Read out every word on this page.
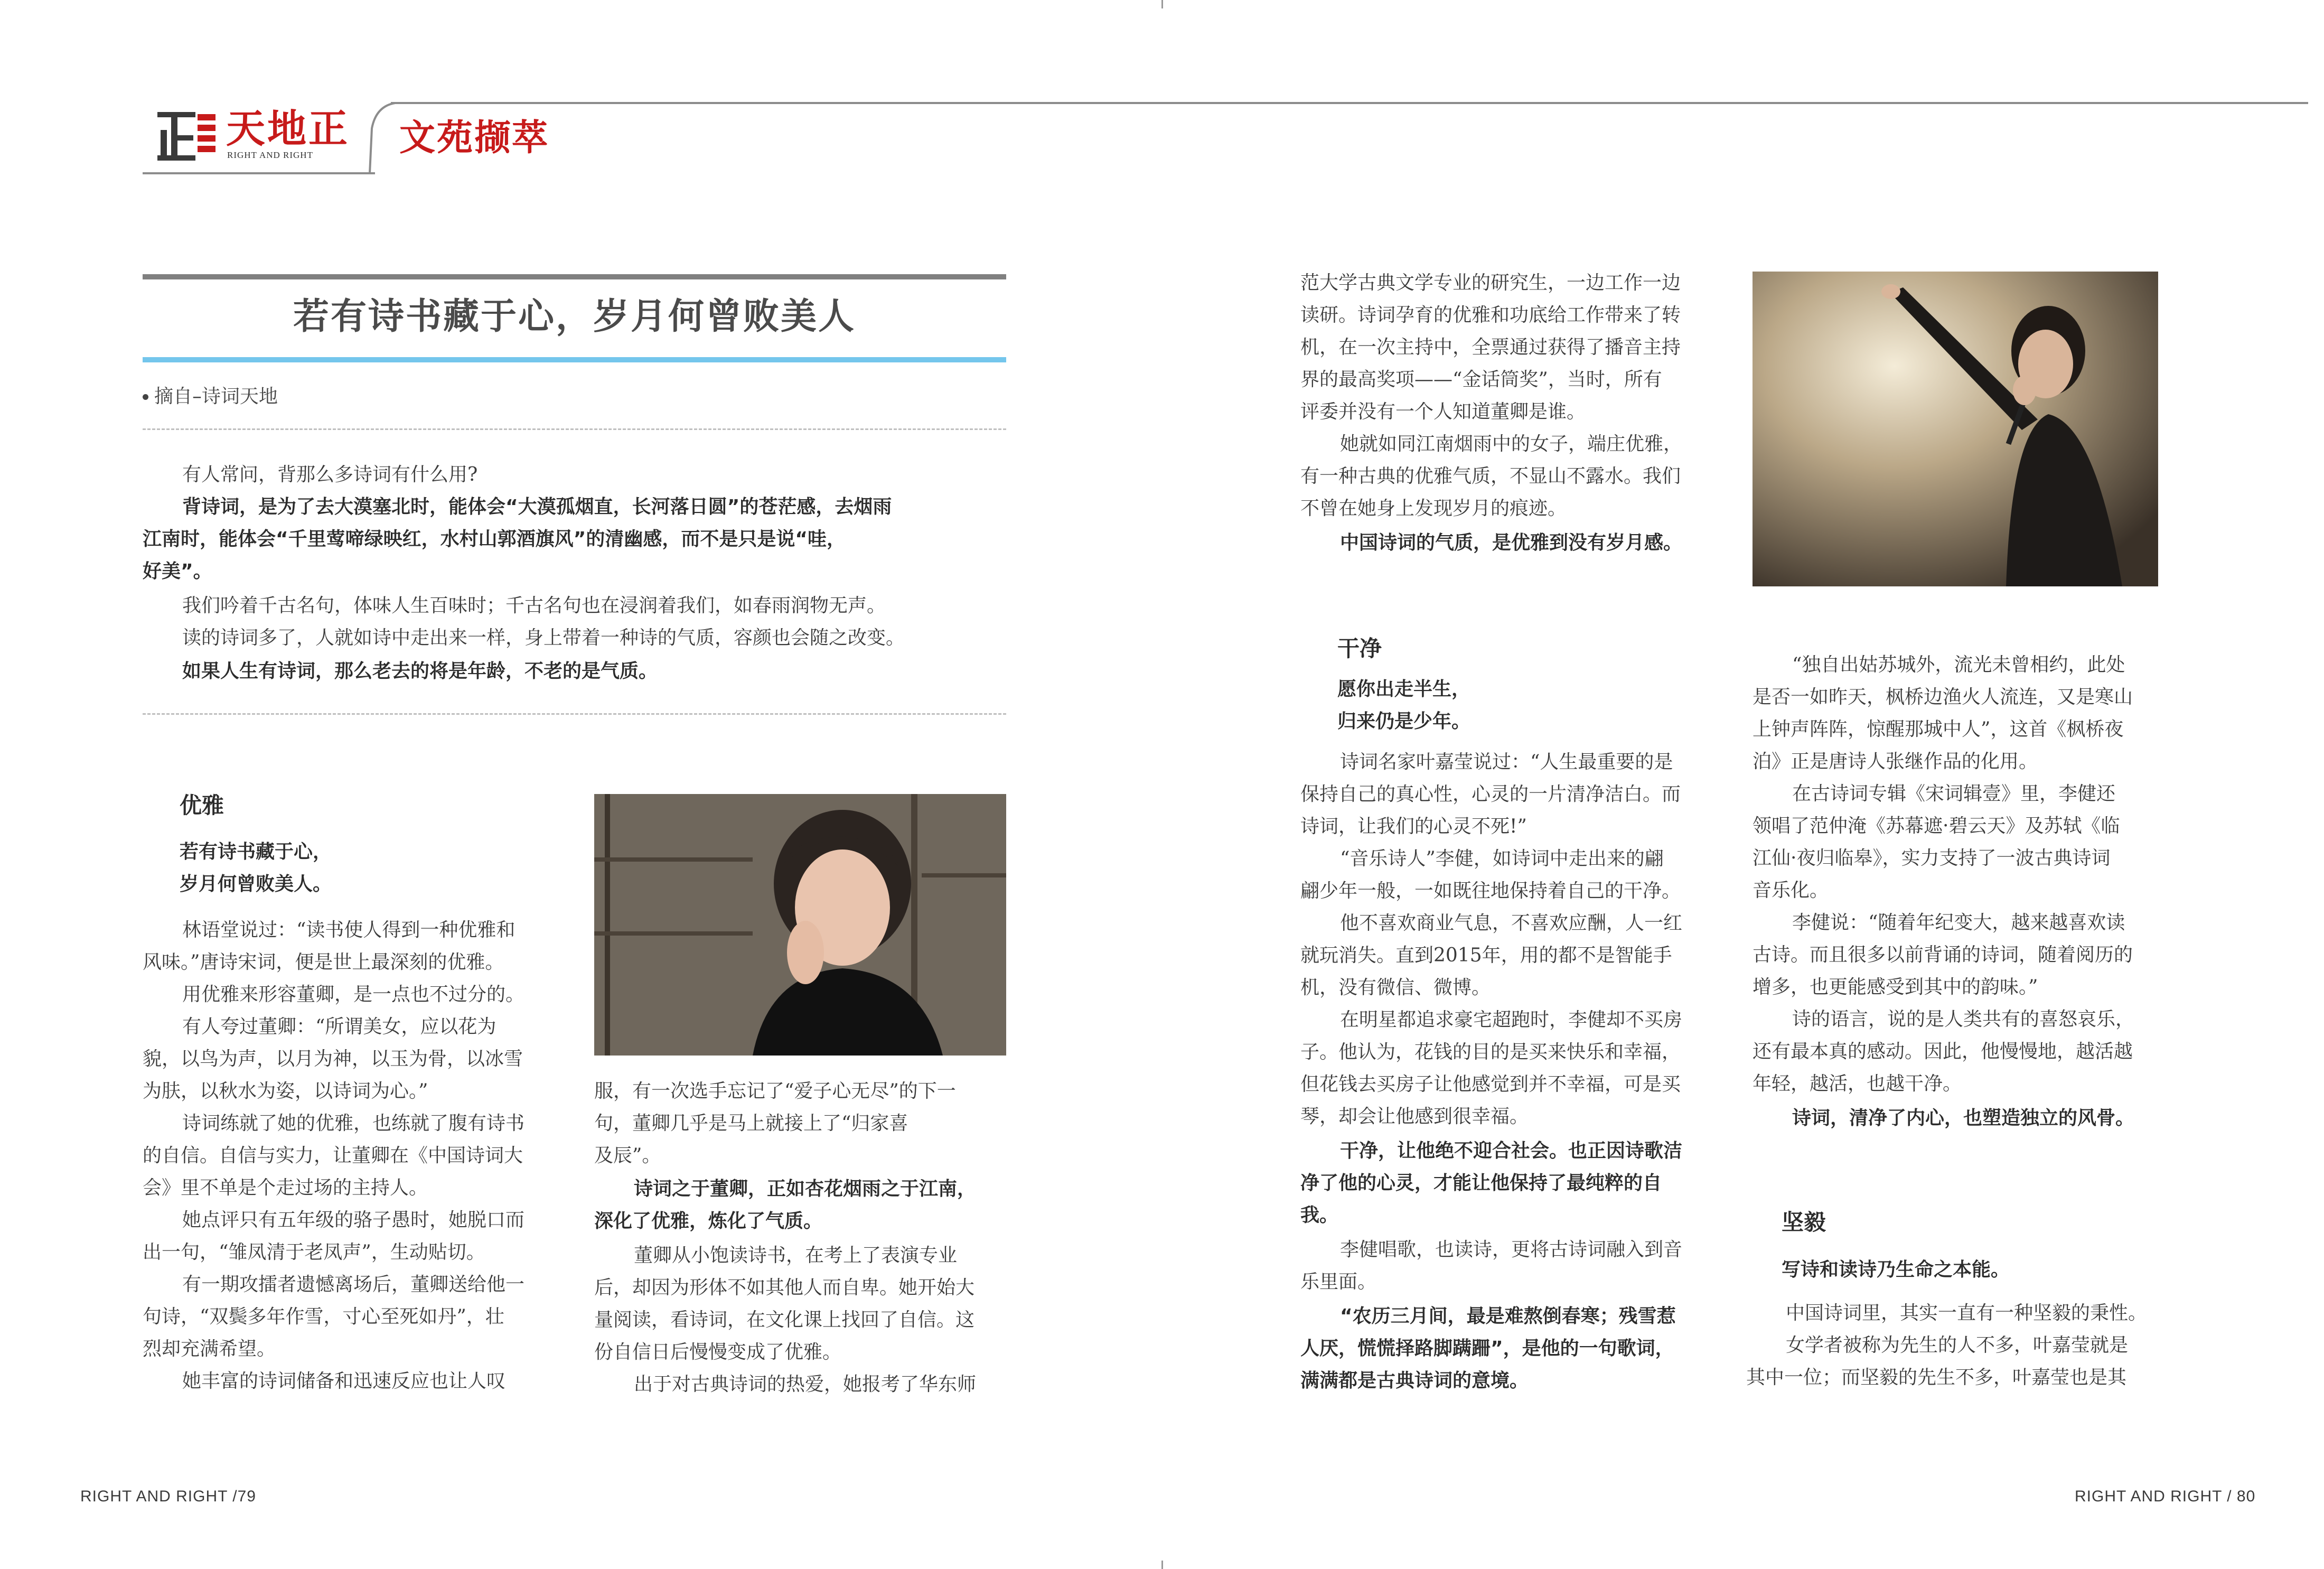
天地正
RIGHT AND RIGHT 文苑撷萃
若有诗书藏于心，岁月何曾败美人
摘自–诗词天地
有人常问，背那么多诗词有什么用?
背诗词，是为了去大漠塞北时，能体会“大漠孤烟直，长河落日圆”的苍茫感，去烟雨
江南时，能体会“千里莺啼绿映红，水村山郭酒旗风”的清幽感，而不是只是说“哇，
好美”。
我们吟着千古名句，体味人生百味时；千古名句也在浸润着我们，如春雨润物无声。
读的诗词多了，人就如诗中走出来一样，身上带着一种诗的气质，容颜也会随之改变。
如果人生有诗词，那么老去的将是年龄，不老的是气质。
优雅
若有诗书藏于心，
岁月何曾败美人。
林语堂说过：“读书使人得到一种优雅和
风味。”唐诗宋词，便是世上最深刻的优雅。
用优雅来形容董卿，是一点也不过分的。
有人夸过董卿：“所谓美女，应以花为
貌，以鸟为声，以月为神，以玉为骨，以冰雪
为肤，以秋水为姿，以诗词为心。”
诗词练就了她的优雅，也练就了腹有诗书
的自信。自信与实力，让董卿在《中国诗词大
会》里不单是个走过场的主持人。
她点评只有五年级的骆子愚时，她脱口而
出一句，“雏凤清于老凤声”，生动贴切。
有一期攻擂者遗憾离场后，董卿送给他一
句诗，“双鬓多年作雪，寸心至死如丹”，壮
烈却充满希望。
她丰富的诗词储备和迅速反应也让人叹
服，有一次选手忘记了“爱子心无尽”的下一
句，董卿几乎是马上就接上了“归家喜
及辰”。
诗词之于董卿，正如杏花烟雨之于江南，
深化了优雅，炼化了气质。
董卿从小饱读诗书，在考上了表演专业
后，却因为形体不如其他人而自卑。她开始大
量阅读，看诗词，在文化课上找回了自信。这
份自信日后慢慢变成了优雅。
出于对古典诗词的热爱，她报考了华东师
范大学古典文学专业的研究生，一边工作一边
读研。诗词孕育的优雅和功底给工作带来了转
机，在一次主持中，全票通过获得了播音主持
界的最高奖项——“金话筒奖”，当时，所有
评委并没有一个人知道董卿是谁。
她就如同江南烟雨中的女子，端庄优雅，
有一种古典的优雅气质，不显山不露水。我们
不曾在她身上发现岁月的痕迹。
中国诗词的气质，是优雅到没有岁月感。
干净
愿你出走半生，
归来仍是少年。
诗词名家叶嘉莹说过：“人生最重要的是
保持自己的真心性，心灵的一片清净洁白。而
诗词，让我们的心灵不死!”
“音乐诗人”李健，如诗词中走出来的翩
翩少年一般，一如既往地保持着自己的干净。
他不喜欢商业气息，不喜欢应酬，人一红
就玩消失。直到2015年，用的都不是智能手
机，没有微信、微博。
在明星都追求豪宅超跑时，李健却不买房
子。他认为，花钱的目的是买来快乐和幸福，
但花钱去买房子让他感觉到并不幸福，可是买
琴，却会让他感到很幸福。
干净，让他绝不迎合社会。也正因诗歌洁
净了他的心灵，才能让他保持了最纯粹的自
我。
李健唱歌，也读诗，更将古诗词融入到音
乐里面。
“农历三月间，最是难熬倒春寒；残雪惹
人厌，慌慌择路脚蹒跚”，是他的一句歌词，
满满都是古典诗词的意境。
“独自出姑苏城外，流光未曾相约，此处
是否一如昨天，枫桥边渔火人流连，又是寒山
上钟声阵阵，惊醒那城中人”，这首《枫桥夜
泊》正是唐诗人张继作品的化用。
在古诗词专辑《宋词辑壹》里，李健还
领唱了范仲淹《苏幕遮·碧云天》及苏轼《临
江仙·夜归临皋》，实力支持了一波古典诗词
音乐化。
李健说：“随着年纪变大，越来越喜欢读
古诗。而且很多以前背诵的诗词，随着阅历的
增多，也更能感受到其中的韵味。”
诗的语言，说的是人类共有的喜怒哀乐，
还有最本真的感动。因此，他慢慢地，越活越
年轻，越活，也越干净。
诗词，清净了内心，也塑造独立的风骨。
坚毅
写诗和读诗乃生命之本能。
中国诗词里，其实一直有一种坚毅的秉性。
女学者被称为先生的人不多，叶嘉莹就是
其中一位；而坚毅的先生不多，叶嘉莹也是其
RIGHT AND RIGHT /79	RIGHT AND RIGHT / 80
